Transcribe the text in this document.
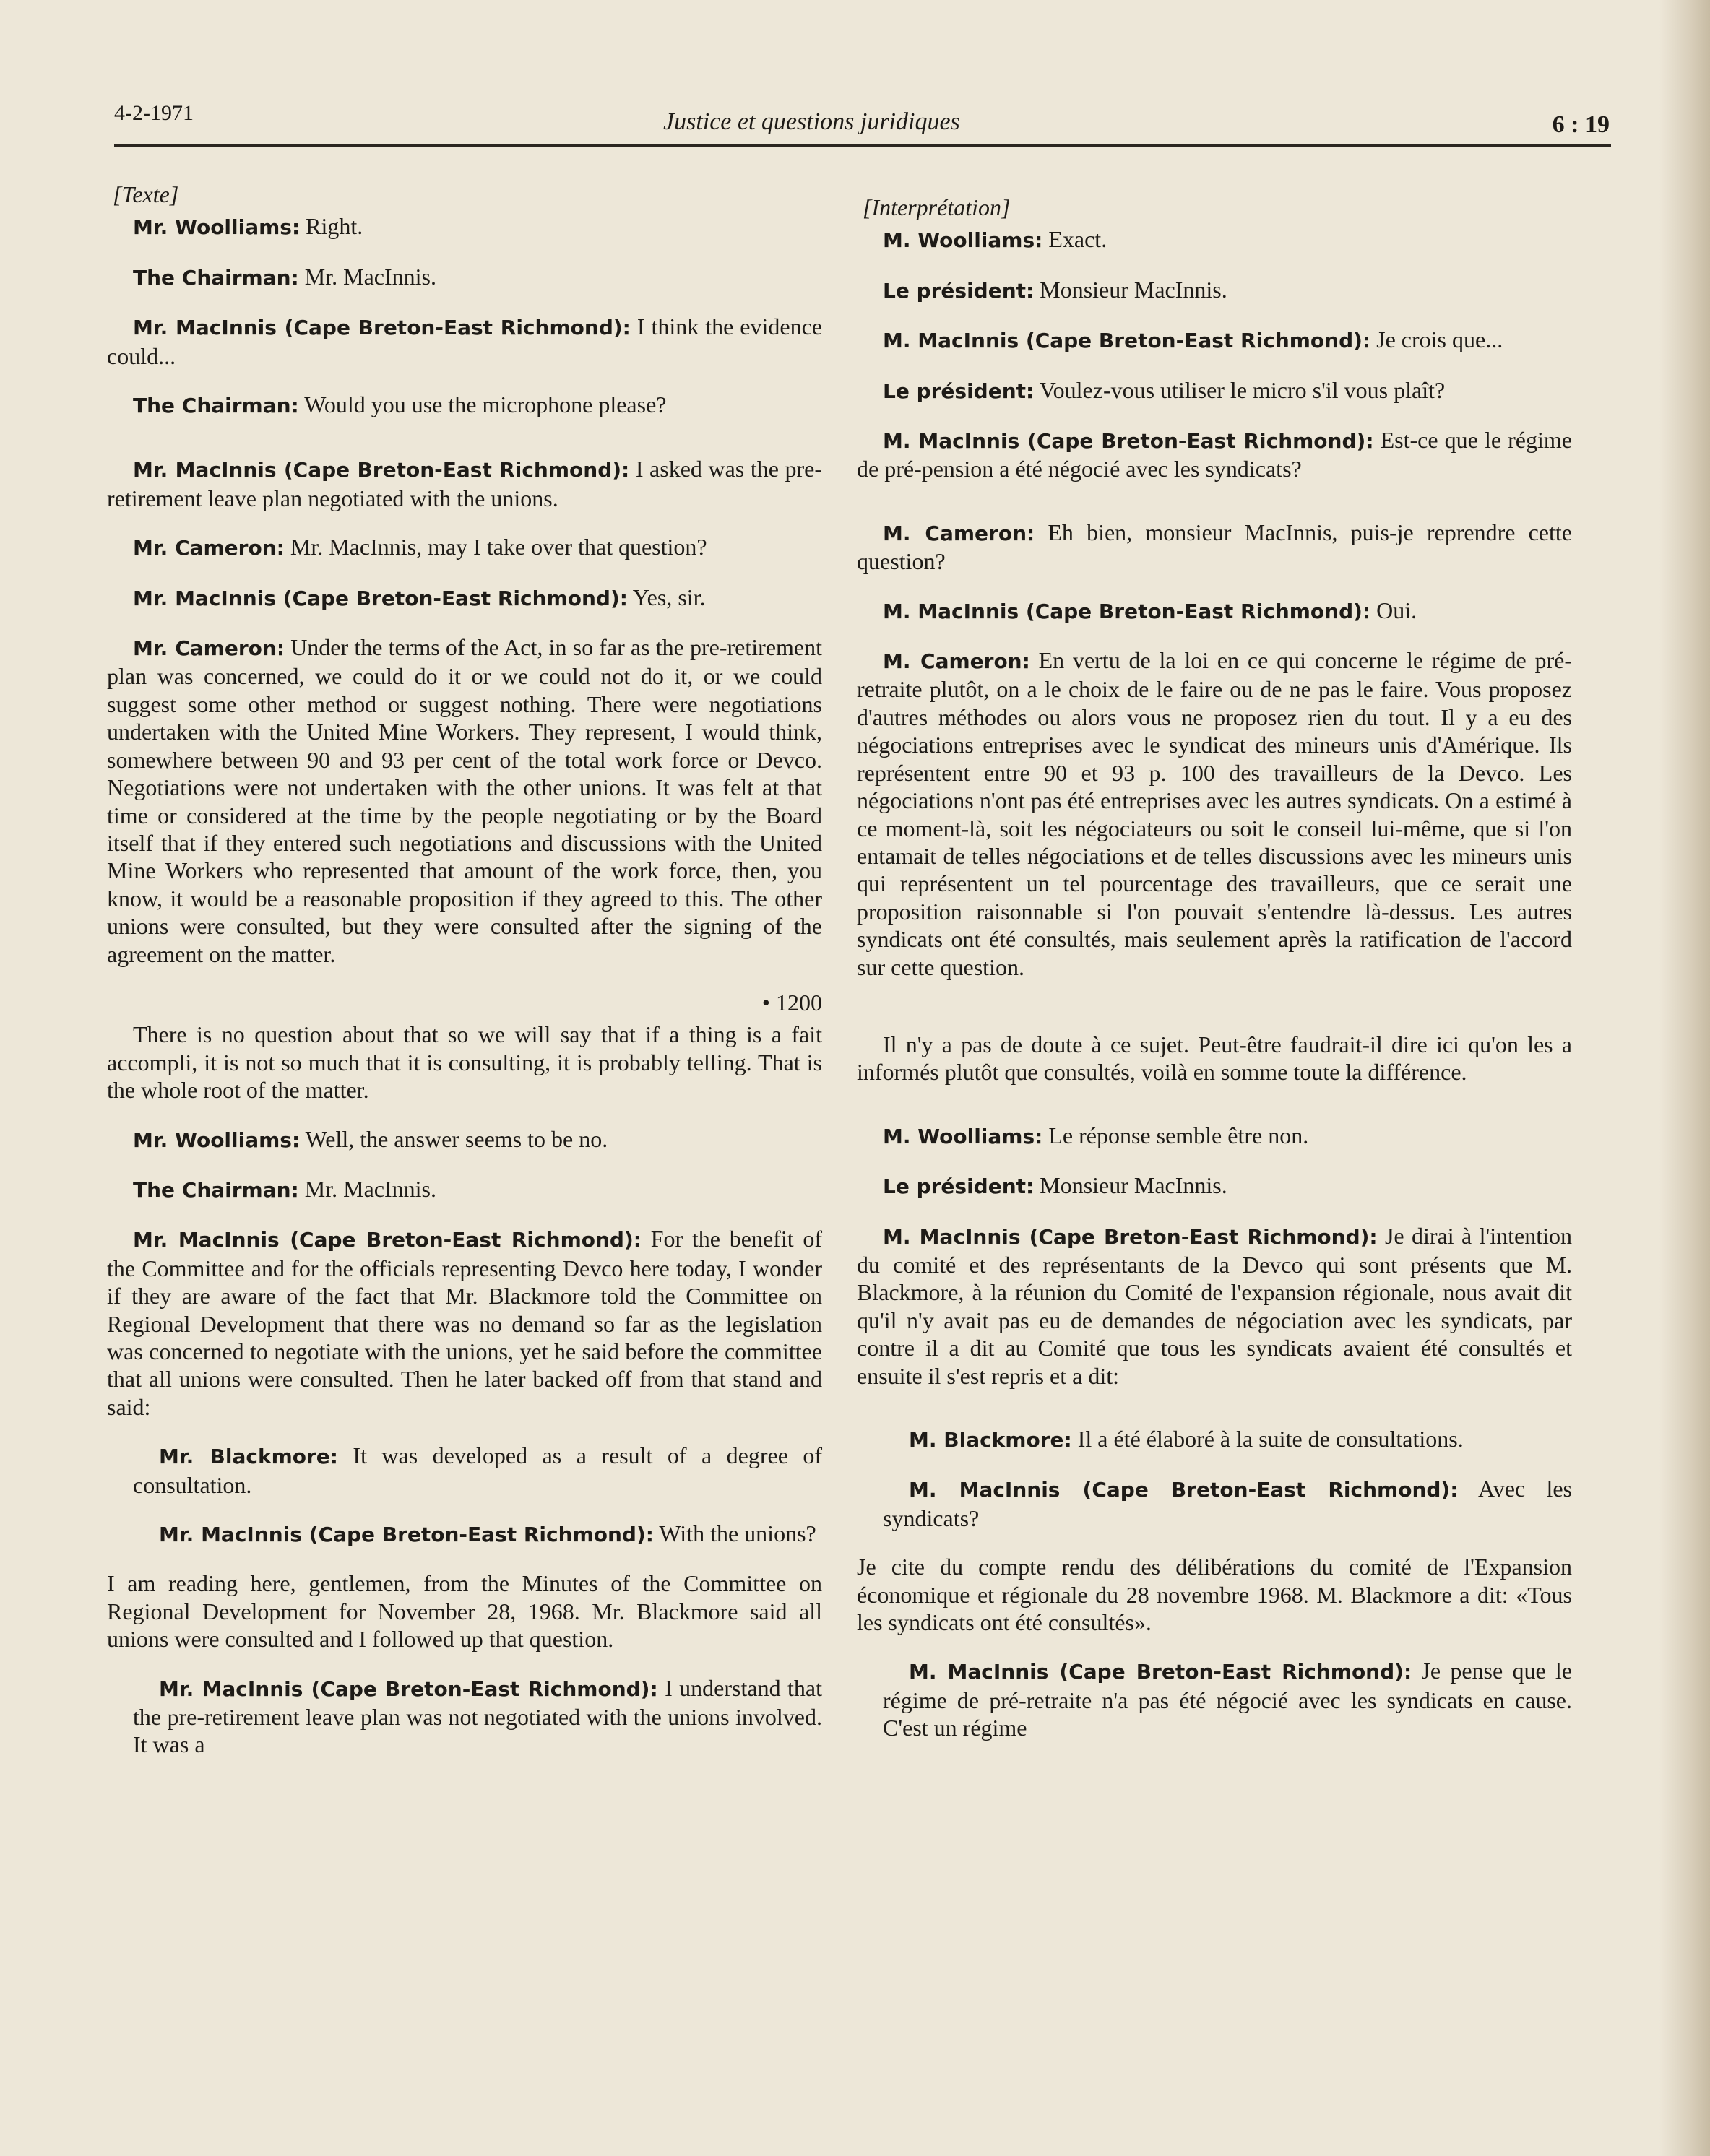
4-2-1971	Justice et questions juridiques	6 : 19

[Texte]

Mr. Woolliams: Right.

The Chairman: Mr. MacInnis.

Mr. MacInnis (Cape Breton-East Richmond): I think the evidence could...

The Chairman: Would you use the microphone please?

Mr. MacInnis (Cape Breton-East Richmond): I asked was the pre-retirement leave plan negotiated with the unions.

Mr. Cameron: Mr. MacInnis, may I take over that question?

Mr. MacInnis (Cape Breton-East Richmond): Yes, sir.

Mr. Cameron: Under the terms of the Act, in so far as the pre-retirement plan was concerned, we could do it or we could not do it, or we could suggest some other method or suggest nothing. There were negotiations undertaken with the United Mine Workers. They represent, I would think, somewhere between 90 and 93 per cent of the total work force or Devco. Negotiations were not undertaken with the other unions. It was felt at that time or considered at the time by the people negotiating or by the Board itself that if they entered such negotiations and discussions with the United Mine Workers who represented that amount of the work force, then, you know, it would be a reasonable proposition if they agreed to this. The other unions were consulted, but they were consulted after the signing of the agreement on the matter.

• 1200

There is no question about that so we will say that if a thing is a fait accompli, it is not so much that it is consulting, it is probably telling. That is the whole root of the matter.

Mr. Woolliams: Well, the answer seems to be no.

The Chairman: Mr. MacInnis.

Mr. MacInnis (Cape Breton-East Richmond): For the benefit of the Committee and for the officials representing Devco here today, I wonder if they are aware of the fact that Mr. Blackmore told the Committee on Regional Development that there was no demand so far as the legislation was concerned to negotiate with the unions, yet he said before the committee that all unions were consulted. Then he later backed off from that stand and said:

Mr. Blackmore: It was developed as a result of a degree of consultation.

Mr. MacInnis (Cape Breton-East Richmond): With the unions?

I am reading here, gentlemen, from the Minutes of the Committee on Regional Development for November 28, 1968. Mr. Blackmore said all unions were consulted and I followed up that question.

Mr. MacInnis (Cape Breton-East Richmond): I understand that the pre-retirement leave plan was not negotiated with the unions involved. It was a

[Interprétation]

M. Woolliams: Exact.

Le président: Monsieur MacInnis.

M. MacInnis (Cape Breton-East Richmond): Je crois que...

Le président: Voulez-vous utiliser le micro s'il vous plaît?

M. MacInnis (Cape Breton-East Richmond): Est-ce que le régime de pré-pension a été négocié avec les syndicats?

M. Cameron: Eh bien, monsieur MacInnis, puis-je reprendre cette question?

M. MacInnis (Cape Breton-East Richmond): Oui.

M. Cameron: En vertu de la loi en ce qui concerne le régime de pré-retraite plutôt, on a le choix de le faire ou de ne pas le faire. Vous proposez d'autres méthodes ou alors vous ne proposez rien du tout. Il y a eu des négociations entreprises avec le syndicat des mineurs unis d'Amérique. Ils représentent entre 90 et 93 p. 100 des travailleurs de la Devco. Les négociations n'ont pas été entreprises avec les autres syndicats. On a estimé à ce moment-là, soit les négociateurs ou soit le conseil lui-même, que si l'on entamait de telles négociations et de telles discussions avec les mineurs unis qui représentent un tel pourcentage des travailleurs, que ce serait une proposition raisonnable si l'on pouvait s'entendre là-dessus. Les autres syndicats ont été consultés, mais seulement après la ratification de l'accord sur cette question.

Il n'y a pas de doute à ce sujet. Peut-être faudrait-il dire ici qu'on les a informés plutôt que consultés, voilà en somme toute la différence.

M. Woolliams: Le réponse semble être non.

Le président: Monsieur MacInnis.

M. MacInnis (Cape Breton-East Richmond): Je dirai à l'intention du comité et des représentants de la Devco qui sont présents que M. Blackmore, à la réunion du Comité de l'expansion régionale, nous avait dit qu'il n'y avait pas eu de demandes de négociation avec les syndicats, par contre il a dit au Comité que tous les syndicats avaient été consultés et ensuite il s'est repris et a dit:

M. Blackmore: Il a été élaboré à la suite de consultations.

M. MacInnis (Cape Breton-East Richmond): Avec les syndicats?

Je cite du compte rendu des délibérations du comité de l'Expansion économique et régionale du 28 novembre 1968. M. Blackmore a dit: «Tous les syndicats ont été consultés».

M. MacInnis (Cape Breton-East Richmond): Je pense que le régime de pré-retraite n'a pas été négocié avec les syndicats en cause. C'est un régime
